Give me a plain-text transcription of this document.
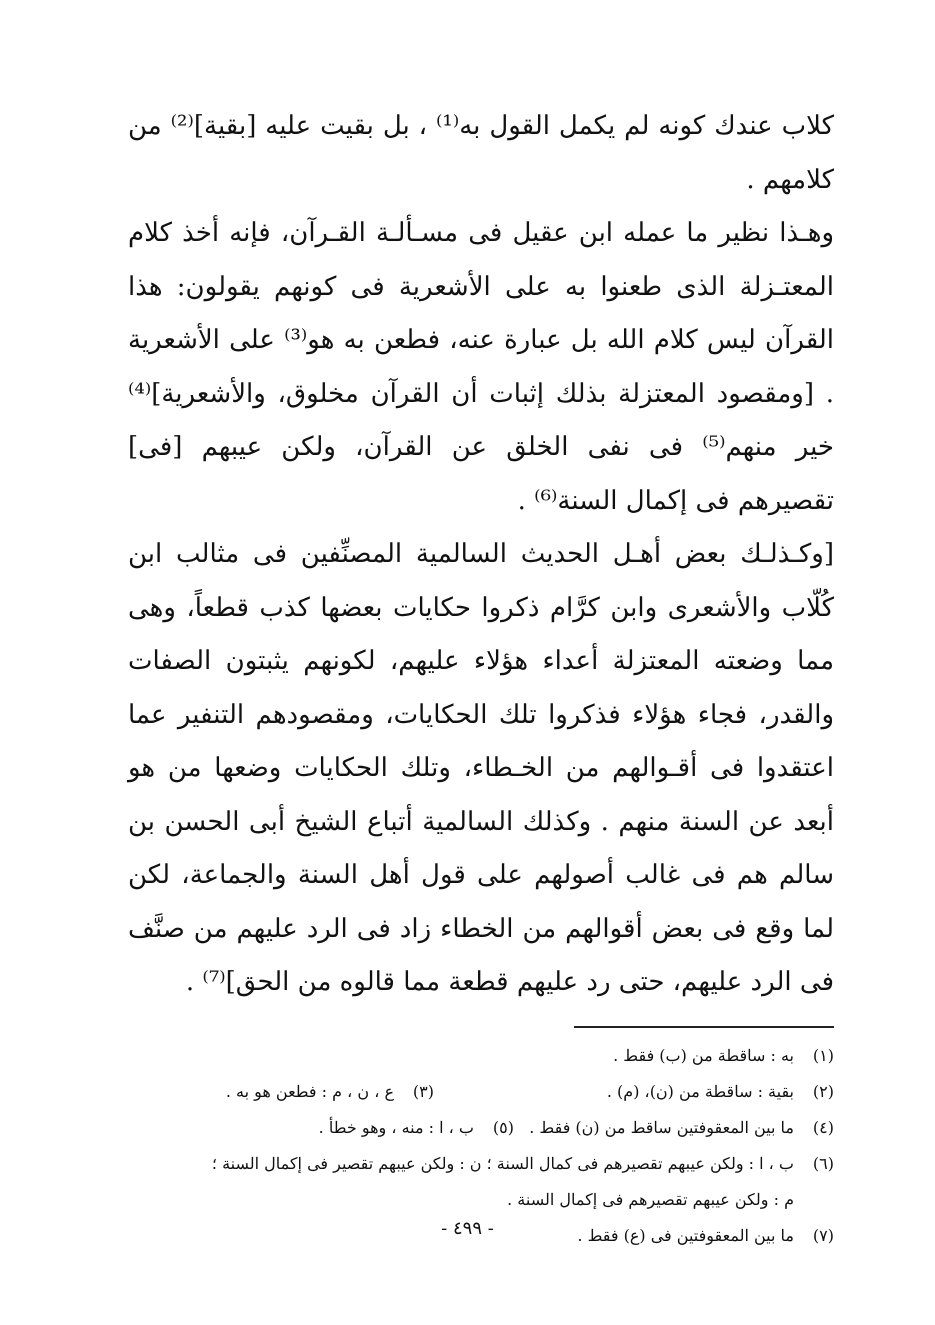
كلاب عندك كونه لم يكمل القول به⁽¹⁾ ، بل بقيت عليه [بقية]⁽²⁾ من كلامهم .

وهـذا نظير ما عمله ابن عقيل فى مسـألـة القـرآن، فإنه أخذ كلام المعتـزلة الذى طعنوا به على الأشعرية فى كونهم يقولون: هذا القرآن ليس كلام الله بل عبارة عنه، فطعن به هو⁽³⁾ على الأشعرية . [ومقصود المعتزلة بذلك إثبات أن القرآن مخلوق، والأشعرية]⁽⁴⁾ خير منهم⁽⁵⁾ فى نفى الخلق عن القرآن، ولكن عيبهم [فى] تقصيرهم فى إكمال السنة⁽⁶⁾ .

[وكـذلـك بعض أهـل الحديث السالمية المصنِّفين فى مثالب ابن كُلّاب والأشعرى وابن كرَّام ذكروا حكايات بعضها كذب قطعاً، وهى مما وضعته المعتزلة أعداء هؤلاء عليهم، لكونهم يثبتون الصفات والقدر، فجاء هؤلاء فذكروا تلك الحكايات، ومقصودهم التنفير عما اعتقدوا فى أقـوالهم من الخـطاء، وتلك الحكايات وضعها من هو أبعد عن السنة منهم . وكذلك السالمية أتباع الشيخ أبى الحسن بن سالم هم فى غالب أصولهم على قول أهل السنة والجماعة، لكن لما وقع فى بعض أقوالهم من الخطاء زاد فى الرد عليهم من صنَّف فى الرد عليهم، حتى رد عليهم قطعة مما قالوه من الحق]⁽⁷⁾ .

(١)به : ساقطة من (ب) فقط .
(٢)بقية : ساقطة من (ن)، (م) .(٣)ع ، ن ، م : فطعن هو به .
(٤)ما بين المعقوفتين ساقط من (ن) فقط .   (٥)ب ، ا : منه ، وهو خطأ .
(٦)ب ، ا : ولكن عيبهم تقصيرهم فى كمال السنة ؛ ن : ولكن عيبهم تقصير فى إكمال السنة ؛
م : ولكن عيبهم تقصيرهم فى إكمال السنة .
(٧)ما بين المعقوفتين فى (ع) فقط .
- ٤٩٩ -
